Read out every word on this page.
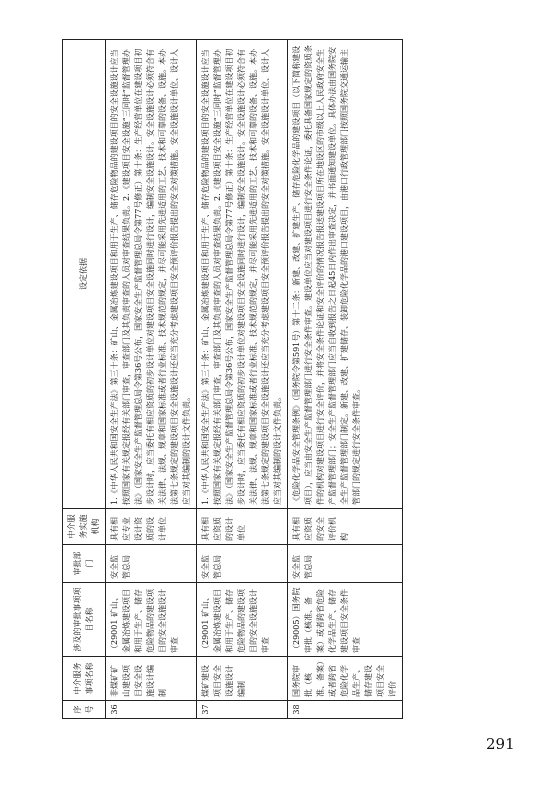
序号	中介服务事项名称	涉及的审批事项项目名称	审批部门	中介服务实施机构	设定依据
36	非煤矿矿山建设项目安全设施设计编制	（29001 矿山、金属冶炼建设项目和用于生产、储存危险物品的建设项目的安全设施设计审查	安全监管总局	具有相应专业设计资质的设计单位	1.《中华人民共和国安全生产法》第三十条：矿山、金属冶炼建设项目和用于生产、储存危险物品的建设项目的安全设施设计应当按照国家有关规定报经有关部门审查，审查部门及其负责审查的人员对审查结果负责。2.《建设项目安全设施“三同时”监督管理办法》（国家安全生产监督管理总局令第36号公布，国家安全生产监督管理总局令第77号修正）第十条：生产经营单位在建设项目初步设计时，应当委托有相应资质的初步设计单位对建设项目安全设施同时进行设计，编制安全设施设计。安全设施设计必须符合有关法律、法规、规章和国家标准或者行业标准、技术规范的规定，并尽可能采用先进适用的工艺、技术和可靠的设备、设施。本办法第七条规定的建设项目安全设施设计还应当充分考虑建设项目安全预评价报告提出的安全对策措施。安全设施设计单位、设计人应当对其编制的设计文件负责。
37	煤矿建设项目安全设施设计编制	（29001 矿山、金属冶炼建设项目和用于生产、储存危险物品的建设项目的安全设施设计审查	安全监管总局	具有相应资质的设计单位	1.《中华人民共和国安全生产法》第三十条：矿山、金属冶炼建设项目和用于生产、储存危险物品的建设项目的安全设施设计应当按照国家有关规定报经有关部门审查，审查部门及其负责审查的人员对审查结果负责。2.《建设项目安全设施“三同时”监督管理办法》（国家安全生产监督管理总局令第36号公布，国家安全生产监督管理总局令第77号修正）第十条：生产经营单位在建设项目初步设计时，应当委托有相应资质的初步设计单位对建设项目安全设施同时进行设计，编制安全设施设计。安全设施设计必须符合有关法律、法规、规章和国家标准或者行业标准、技术规范的规定，并尽可能采用先进适用的工艺、技术和可靠的设备、设施。本办法第七条规定的建设项目安全设施设计还应当充分考虑建设项目安全预评价报告提出的安全对策措施。安全设施设计单位、设计人应当对其编制的设计文件负责。
38	国务院审批（核准、备案）或者跨省危险化学品生产、储存建设项目安全评价	（29005）国务院审批（核准、备案）或者跨省危险化学品生产、储存建设项目安全条件审查	安全监管总局	具有相应资质的安全评价机构	《危险化学品安全管理条例》（国务院令第591号）第十二条：新建、改建、扩建生产、储存危险化学品的建设项目（以下简称建设项目），应当由安全生产监督管理部门进行安全条件审查。建设单位应当对建设项目进行安全条件论证，委托具备国家规定的资质条件的机构对建设项目进行安全评价，并将安全条件论证和安全评价的情况报告报送建设项目所在地设区的市级以上人民政府安全生产监督管理部门；安全生产监督管理部门应当自收到报告之日起45日内作出审查决定，并书面通知建设单位。具体办法由国务院安全生产监督管理部门制定。新建、改建、扩建储存、装卸危险化学品的港口建设项目，由港口行政管理部门按照国务院交通运输主管部门的规定进行安全条件审查。
291
